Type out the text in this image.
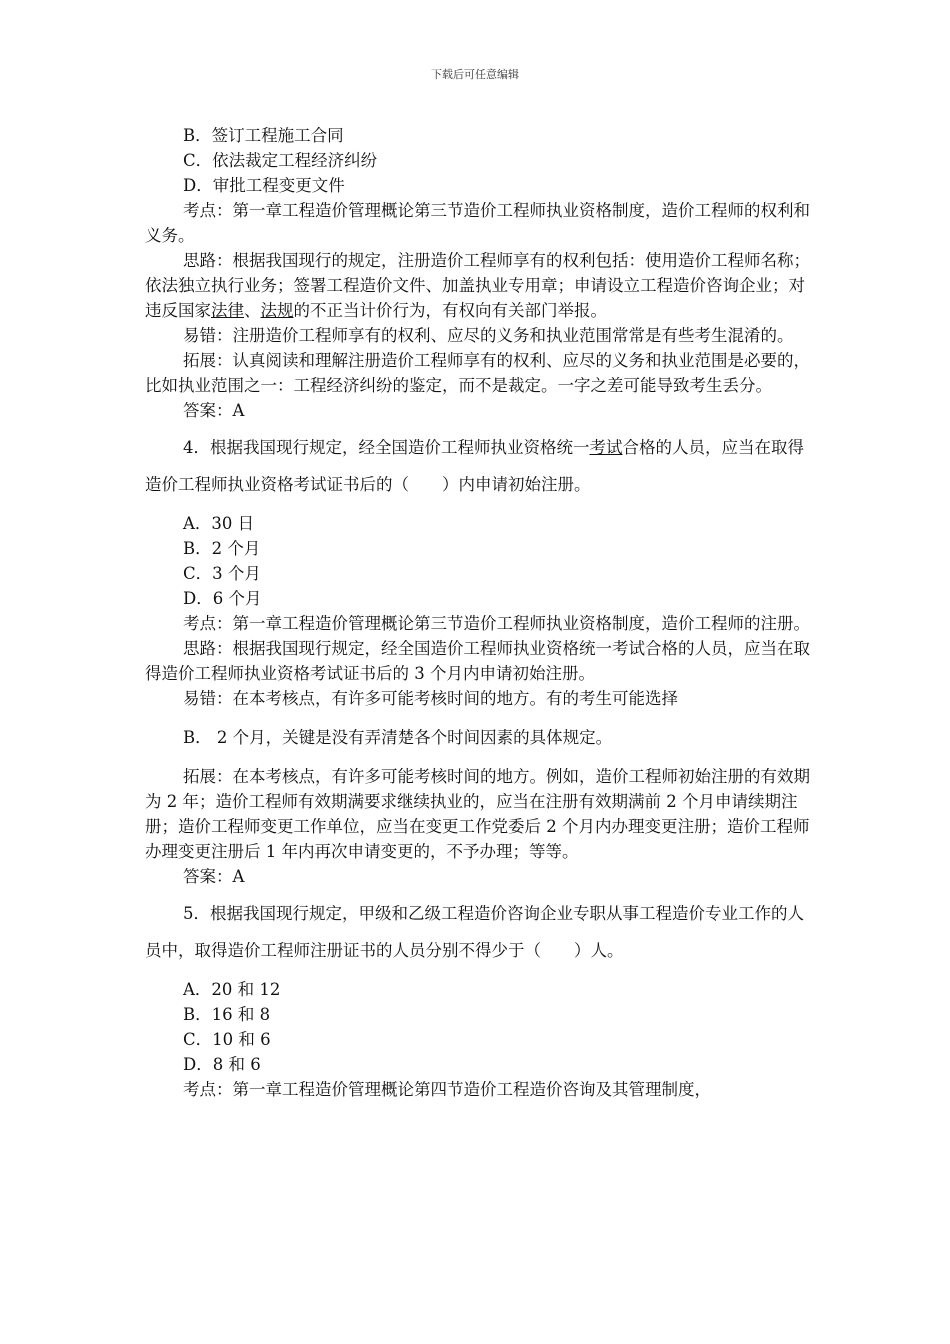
下载后可任意编辑

B．签订工程施工合同

C．依法裁定工程经济纠纷

D．审批工程变更文件

考点：第一章工程造价管理概论第三节造价工程师执业资格制度，造价工程师的权利和义务。

思路：根据我国现行的规定，注册造价工程师享有的权利包括：使用造价工程师名称；依法独立执行业务；签署工程造价文件、加盖执业专用章；申请设立工程造价咨询企业；对违反国家法律、法规的不正当计价行为，有权向有关部门举报。

易错：注册造价工程师享有的权利、应尽的义务和执业范围常常是有些考生混淆的。

拓展：认真阅读和理解注册造价工程师享有的权利、应尽的义务和执业范围是必要的，比如执业范围之一：工程经济纠纷的鉴定，而不是裁定。一字之差可能导致考生丢分。

答案：A

4．根据我国现行规定，经全国造价工程师执业资格统一考试合格的人员，应当在取得造价工程师执业资格考试证书后的（　　）内申请初始注册。

A．30 日

B．2 个月

C．3 个月

D．6 个月

考点：第一章工程造价管理概论第三节造价工程师执业资格制度，造价工程师的注册。

思路：根据我国现行规定，经全国造价工程师执业资格统一考试合格的人员，应当在取得造价工程师执业资格考试证书后的 3 个月内申请初始注册。

易错：在本考核点，有许多可能考核时间的地方。有的考生可能选择

B． 2 个月，关键是没有弄清楚各个时间因素的具体规定。

拓展：在本考核点，有许多可能考核时间的地方。例如，造价工程师初始注册的有效期为 2 年；造价工程师有效期满要求继续执业的，应当在注册有效期满前 2 个月申请续期注册；造价工程师变更工作单位，应当在变更工作党委后 2 个月内办理变更注册；造价工程师办理变更注册后 1 年内再次申请变更的，不予办理；等等。

答案：A

5．根据我国现行规定，甲级和乙级工程造价咨询企业专职从事工程造价专业工作的人员中，取得造价工程师注册证书的人员分别不得少于（　　）人。

A．20 和 12

B．16 和 8

C．10 和 6

D．8 和 6

考点：第一章工程造价管理概论第四节造价工程造价咨询及其管理制度，
